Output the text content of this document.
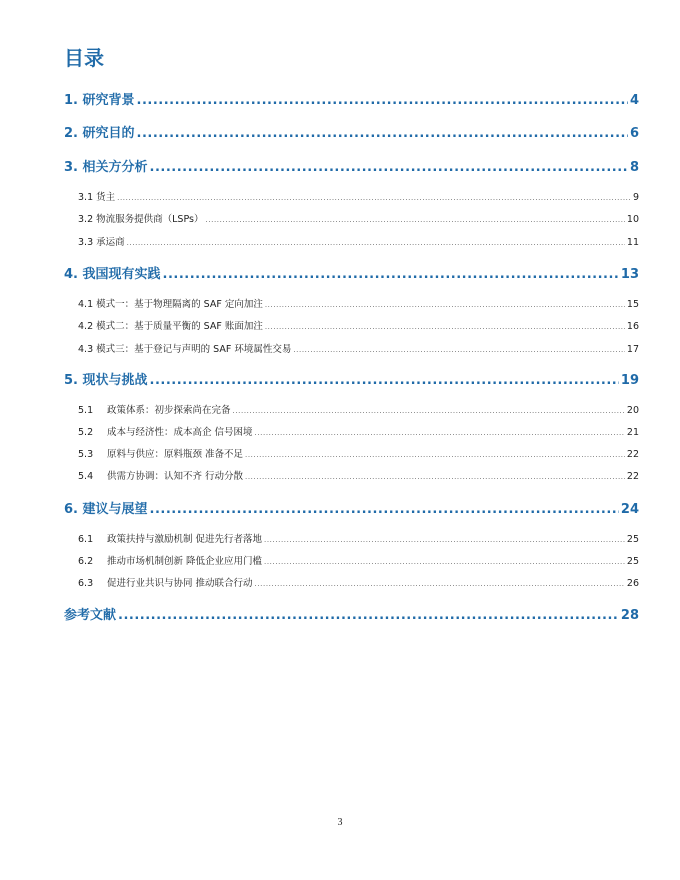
目录
1. 研究背景 .....	4
2. 研究目的 .....	6
3. 相关方分析 .....	8
3.1 货主 .....	9
3.2 物流服务提供商（LSPs） .....	10
3.3 承运商 .....	11
4. 我国现有实践 .....	13
4.1 模式一：基于物理隔离的 SAF 定向加注 .....	15
4.2 模式二：基于质量平衡的 SAF 账面加注 .....	16
4.3 模式三：基于登记与声明的 SAF 环境属性交易 .....	17
5. 现状与挑战 .....	19
5.1	政策体系：初步探索尚在完备 .....	20
5.2	成本与经济性：成本高企 信号困境 .....	21
5.3	原料与供应：原料瓶颈 准备不足 .....	22
5.4	供需方协调：认知不齐 行动分散 .....	22
6. 建议与展望 .....	24
6.1	政策扶持与激励机制 促进先行者落地 .....	25
6.2	推动市场机制创新 降低企业应用门槛 .....	25
6.3	促进行业共识与协同 推动联合行动 .....	26
参考文献 .....	28
3
